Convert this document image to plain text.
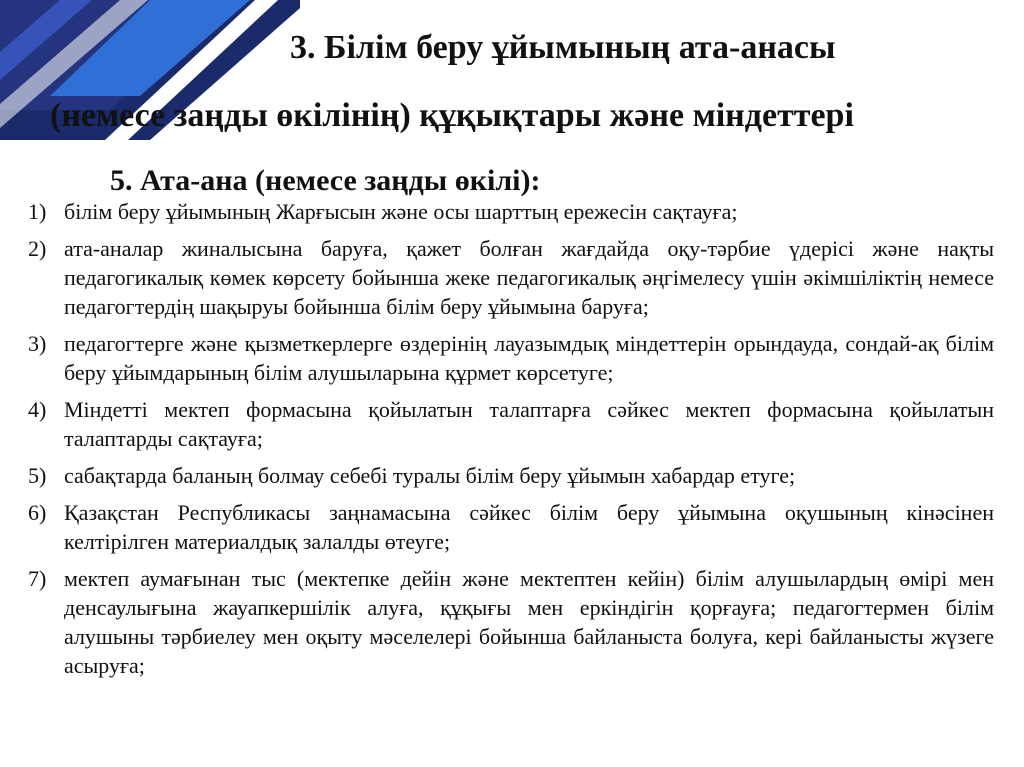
3. Білім беру ұйымының ата-анасы
(немесе заңды өкілінің) құқықтары және міндеттері
5. Ата-ана (немесе заңды өкілі):
1) білім беру ұйымының Жарғысын және осы шарттың ережесін сақтауға;
2) ата-аналар жиналысына баруға, қажет болған жағдайда оқу-тәрбие үдерісі және нақты педагогикалық көмек көрсету бойынша жеке педагогикалық әңгімелесу үшін әкімшіліктің немесе педагогтердің шақыруы бойынша білім беру ұйымына баруға;
3) педагогтерге және қызметкерлерге өздерінің лауазымдық міндеттерін орындауда, сондай-ақ білім беру ұйымдарының білім алушыларына құрмет көрсетуге;
4) Міндетті мектеп формасына қойылатын талаптарға сәйкес мектеп формасына қойылатын талаптарды сақтауға;
5) сабақтарда баланың болмау себебі туралы білім беру ұйымын хабардар етуге;
6) Қазақстан Республикасы заңнамасына сәйкес білім беру ұйымына оқушының кінәсінен келтірілген материалдық залалды өтеуге;
7) мектеп аумағынан тыс (мектепке дейін және мектептен кейін) білім алушылардың өмірі мен денсаулығына жауапкершілік алуға, құқығы мен еркіндігін қорғауға; педагогтермен білім алушыны тәрбиелеу мен оқыту мәселелері бойынша байланыста болуға, кері байланысты жүзеге асыруға;
